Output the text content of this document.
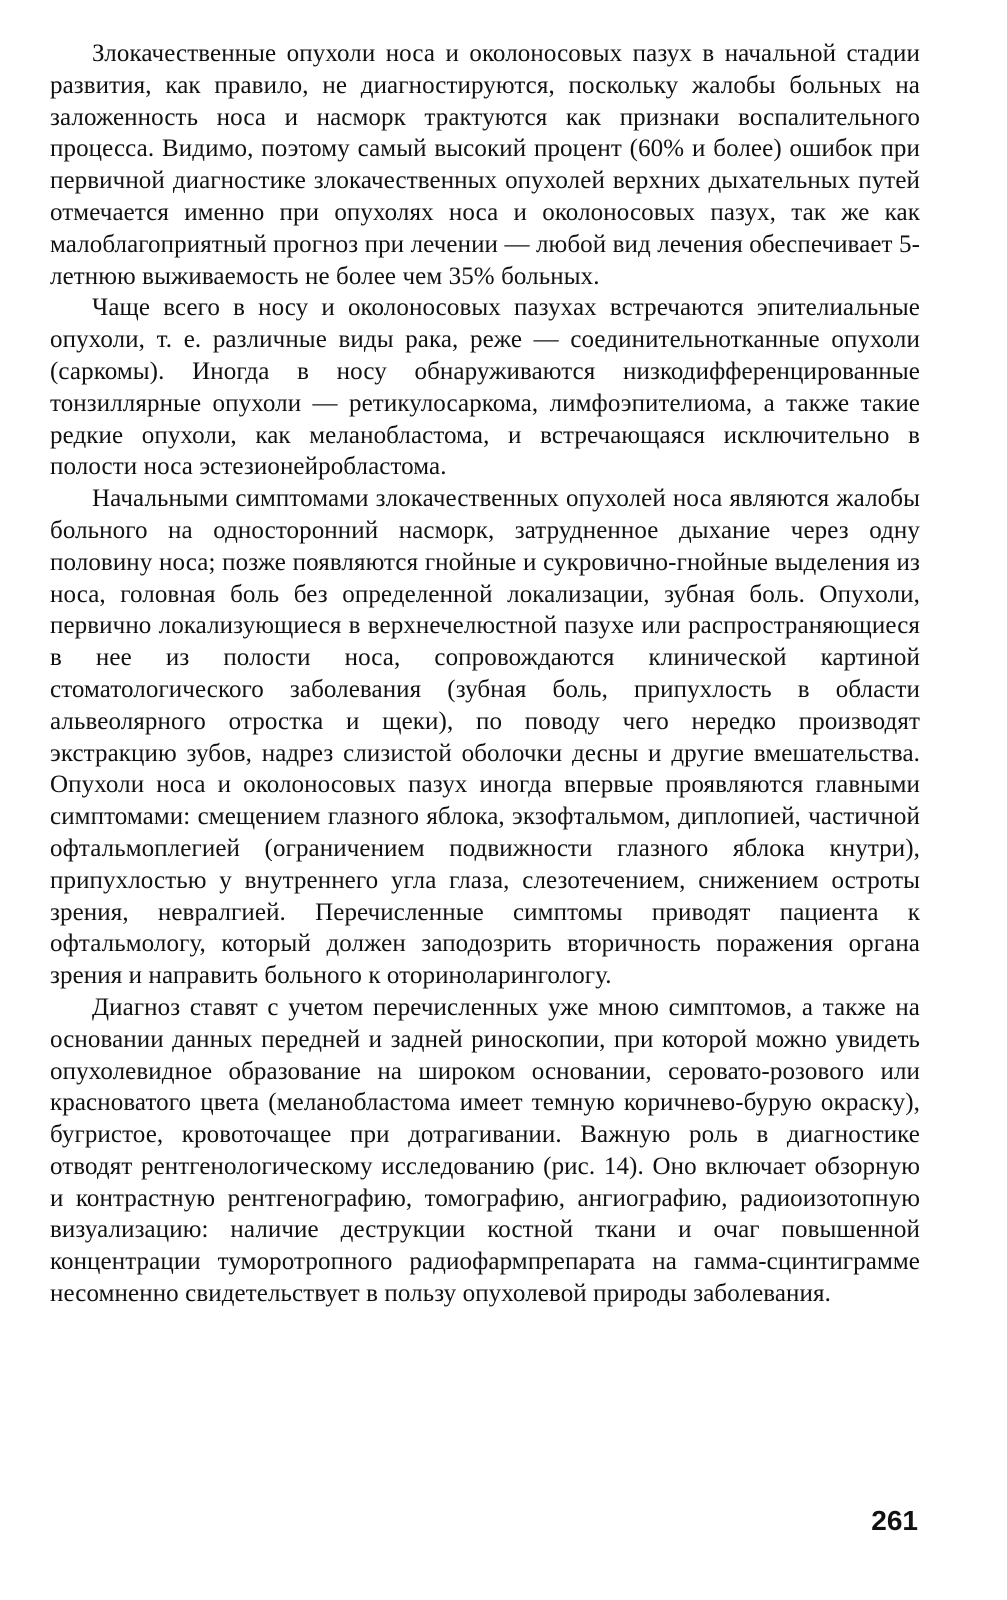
Злокачественные опухоли носа и околоносовых пазух в начальной стадии развития, как правило, не диагностируются, поскольку жалобы больных на заложенность носа и насморк трактуются как признаки воспалительного процесса. Видимо, поэтому самый высокий процент (60% и более) ошибок при первичной диагностике злокачественных опухолей верхних дыхательных путей отмечается именно при опухолях носа и околоносовых пазух, так же как малоблагоприятный прогноз при лечении — любой вид лечения обеспечивает 5-летнюю выживаемость не более чем 35% больных.

Чаще всего в носу и околоносовых пазухах встречаются эпителиальные опухоли, т. е. различные виды рака, реже — соединительнотканные опухоли (саркомы). Иногда в носу обнаруживаются низкодифференцированные тонзиллярные опухоли — ретикулосаркома, лимфоэпителиома, а также такие редкие опухоли, как меланобластома, и встречающаяся исключительно в полости носа эстезионейробластома.

Начальными симптомами злокачественных опухолей носа являются жалобы больного на односторонний насморк, затрудненное дыхание через одну половину носа; позже появляются гнойные и сукровично-гнойные выделения из носа, головная боль без определенной локализации, зубная боль. Опухоли, первично локализующиеся в верхнечелюстной пазухе или распространяющиеся в нее из полости носа, сопровождаются клинической картиной стоматологического заболевания (зубная боль, припухлость в области альвеолярного отростка и щеки), по поводу чего нередко производят экстракцию зубов, надрез слизистой оболочки десны и другие вмешательства. Опухоли носа и околоносовых пазух иногда впервые проявляются главными симптомами: смещением глазного яблока, экзофтальмом, диплопией, частичной офтальмоплегией (ограничением подвижности глазного яблока кнутри), припухлостью у внутреннего угла глаза, слезотечением, снижением остроты зрения, невралгией. Перечисленные симптомы приводят пациента к офтальмологу, который должен заподозрить вторичность поражения органа зрения и направить больного к оториноларингологу.

Диагноз ставят с учетом перечисленных уже мною симптомов, а также на основании данных передней и задней риноскопии, при которой можно увидеть опухолевидное образование на широком основании, серовато-розового или красноватого цвета (меланобластома имеет темную коричнево-бурую окраску), бугристое, кровоточащее при дотрагивании. Важную роль в диагностике отводят рентгенологическому исследованию (рис. 14). Оно включает обзорную и контрастную рентгенографию, томографию, ангиографию, радиоизотопную визуализацию: наличие деструкции костной ткани и очаг повышенной концентрации туморотропного радиофармпрепарата на гамма-сцинтиграмме несомненно свидетельствует в пользу опухолевой природы заболевания.

261
